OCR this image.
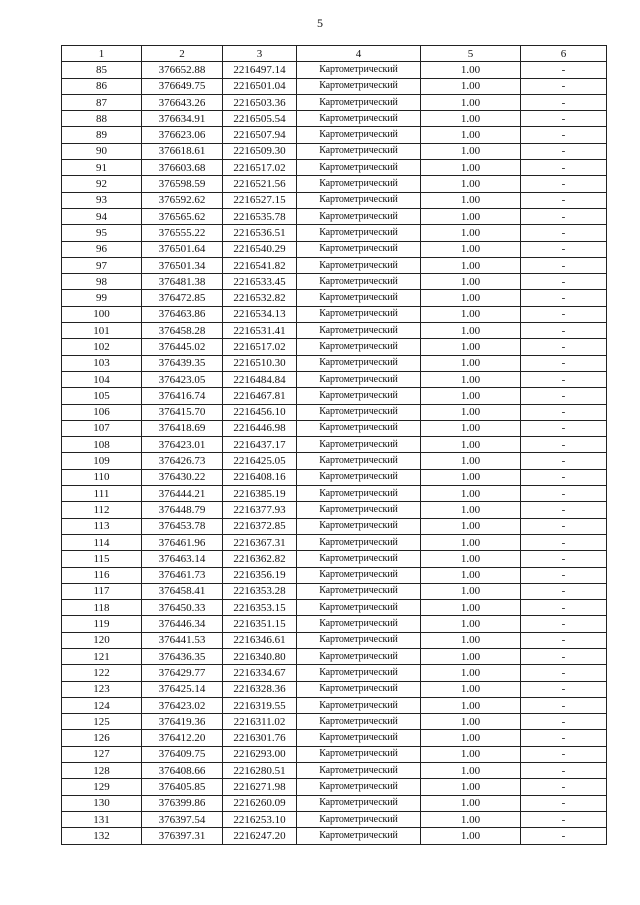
5
1	2	3	4	5	6
85	376652.88	2216497.14	Картометрический	1.00	-
86	376649.75	2216501.04	Картометрический	1.00	-
87	376643.26	2216503.36	Картометрический	1.00	-
88	376634.91	2216505.54	Картометрический	1.00	-
89	376623.06	2216507.94	Картометрический	1.00	-
90	376618.61	2216509.30	Картометрический	1.00	-
91	376603.68	2216517.02	Картометрический	1.00	-
92	376598.59	2216521.56	Картометрический	1.00	-
93	376592.62	2216527.15	Картометрический	1.00	-
94	376565.62	2216535.78	Картометрический	1.00	-
95	376555.22	2216536.51	Картометрический	1.00	-
96	376501.64	2216540.29	Картометрический	1.00	-
97	376501.34	2216541.82	Картометрический	1.00	-
98	376481.38	2216533.45	Картометрический	1.00	-
99	376472.85	2216532.82	Картометрический	1.00	-
100	376463.86	2216534.13	Картометрический	1.00	-
101	376458.28	2216531.41	Картометрический	1.00	-
102	376445.02	2216517.02	Картометрический	1.00	-
103	376439.35	2216510.30	Картометрический	1.00	-
104	376423.05	2216484.84	Картометрический	1.00	-
105	376416.74	2216467.81	Картометрический	1.00	-
106	376415.70	2216456.10	Картометрический	1.00	-
107	376418.69	2216446.98	Картометрический	1.00	-
108	376423.01	2216437.17	Картометрический	1.00	-
109	376426.73	2216425.05	Картометрический	1.00	-
110	376430.22	2216408.16	Картометрический	1.00	-
111	376444.21	2216385.19	Картометрический	1.00	-
112	376448.79	2216377.93	Картометрический	1.00	-
113	376453.78	2216372.85	Картометрический	1.00	-
114	376461.96	2216367.31	Картометрический	1.00	-
115	376463.14	2216362.82	Картометрический	1.00	-
116	376461.73	2216356.19	Картометрический	1.00	-
117	376458.41	2216353.28	Картометрический	1.00	-
118	376450.33	2216353.15	Картометрический	1.00	-
119	376446.34	2216351.15	Картометрический	1.00	-
120	376441.53	2216346.61	Картометрический	1.00	-
121	376436.35	2216340.80	Картометрический	1.00	-
122	376429.77	2216334.67	Картометрический	1.00	-
123	376425.14	2216328.36	Картометрический	1.00	-
124	376423.02	2216319.55	Картометрический	1.00	-
125	376419.36	2216311.02	Картометрический	1.00	-
126	376412.20	2216301.76	Картометрический	1.00	-
127	376409.75	2216293.00	Картометрический	1.00	-
128	376408.66	2216280.51	Картометрический	1.00	-
129	376405.85	2216271.98	Картометрический	1.00	-
130	376399.86	2216260.09	Картометрический	1.00	-
131	376397.54	2216253.10	Картометрический	1.00	-
132	376397.31	2216247.20	Картометрический	1.00	-
